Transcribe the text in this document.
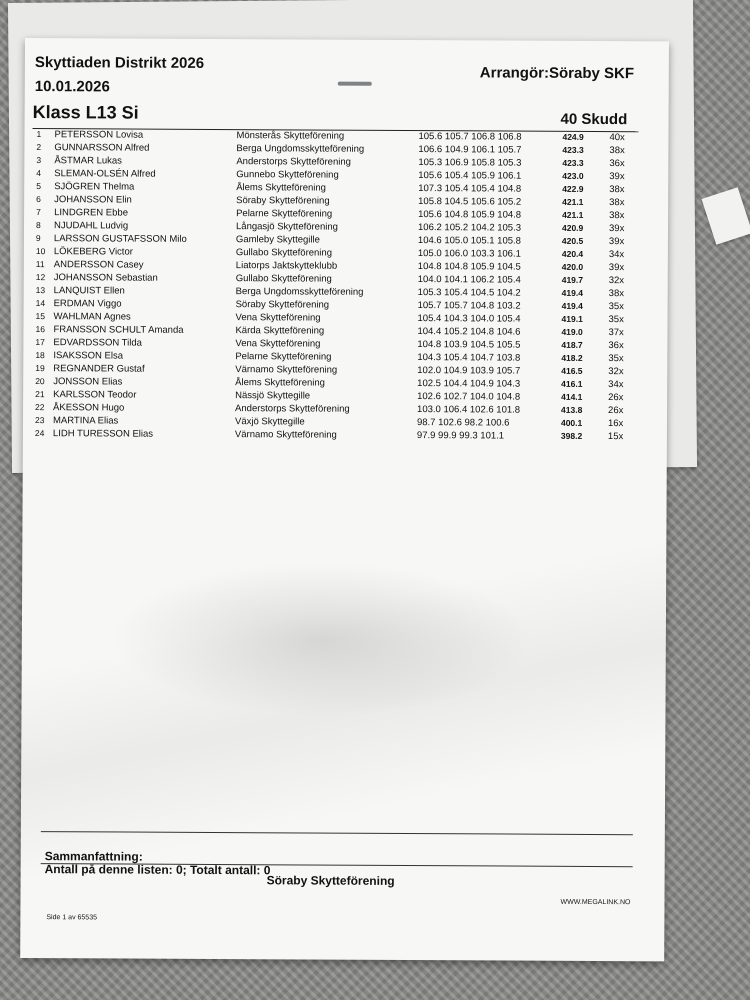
Skyttiaden Distrikt 2026
10.01.2026
Arrangör:Söraby SKF
Klass L13 Si	40 Skudd
1 PETERSSON Lovisa	Mönsterås Skytteförening	105.6 105.7 106.8 106.8	424.9	40x
2 GUNNARSSON Alfred	Berga Ungdomsskytteförening	106.6 104.9 106.1 105.7	423.3	38x
3 ÅSTMAR Lukas	Anderstorps Skytteförening	105.3 106.9 105.8 105.3	423.3	36x
4 SLEMAN-OLSÉN Alfred	Gunnebo Skytteförening	105.6 105.4 105.9 106.1	423.0	39x
5 SJÖGREN Thelma	Ålems Skytteförening	107.3 105.4 105.4 104.8	422.9	38x
6 JOHANSSON Elin	Söraby Skytteförening	105.8 104.5 105.6 105.2	421.1	38x
7 LINDGREN Ebbe	Pelarne Skytteförening	105.6 104.8 105.9 104.8	421.1	38x
8 NJUDAHL Ludvig	Långasjö Skytteförening	106.2 105.2 104.2 105.3	420.9	39x
9 LARSSON GUSTAFSSON Milo	Gamleby Skyttegille	104.6 105.0 105.1 105.8	420.5	39x
10 LÖKEBERG Victor	Gullabo Skytteförening	105.0 106.0 103.3 106.1	420.4	34x
11 ANDERSSON Casey	Liatorps Jaktskytteklubb	104.8 104.8 105.9 104.5	420.0	39x
12 JOHANSSON Sebastian	Gullabo Skytteförening	104.0 104.1 106.2 105.4	419.7	32x
13 LANQUIST Ellen	Berga Ungdomsskytteförening	105.3 105.4 104.5 104.2	419.4	38x
14 ERDMAN Viggo	Söraby Skytteförening	105.7 105.7 104.8 103.2	419.4	35x
15 WAHLMAN Agnes	Vena Skytteförening	105.4 104.3 104.0 105.4	419.1	35x
16 FRANSSON SCHULT Amanda	Kärda Skytteförening	104.4 105.2 104.8 104.6	419.0	37x
17 EDVARDSSON Tilda	Vena Skytteförening	104.8 103.9 104.5 105.5	418.7	36x
18 ISAKSSON Elsa	Pelarne Skytteförening	104.3 105.4 104.7 103.8	418.2	35x
19 REGNANDER Gustaf	Värnamo Skytteförening	102.0 104.9 103.9 105.7	416.5	32x
20 JONSSON Elias	Ålems Skytteförening	102.5 104.4 104.9 104.3	416.1	34x
21 KARLSSON Teodor	Nässjö Skyttegille	102.6 102.7 104.0 104.8	414.1	26x
22 ÅKESSON Hugo	Anderstorps Skytteförening	103.0 106.4 102.6 101.8	413.8	26x
23 MARTINA Elias	Växjö Skyttegille	98.7 102.6 98.2 100.6	400.1	16x
24 LIDH TURESSON Elias	Värnamo Skytteförening	97.9 99.9 99.3 101.1	398.2	15x
Sammanfattning:
Antall på denne listen: 0; Totalt antall: 0
Söraby Skytteförening
WWW.MEGALINK.NO
Side 1 av 65535
